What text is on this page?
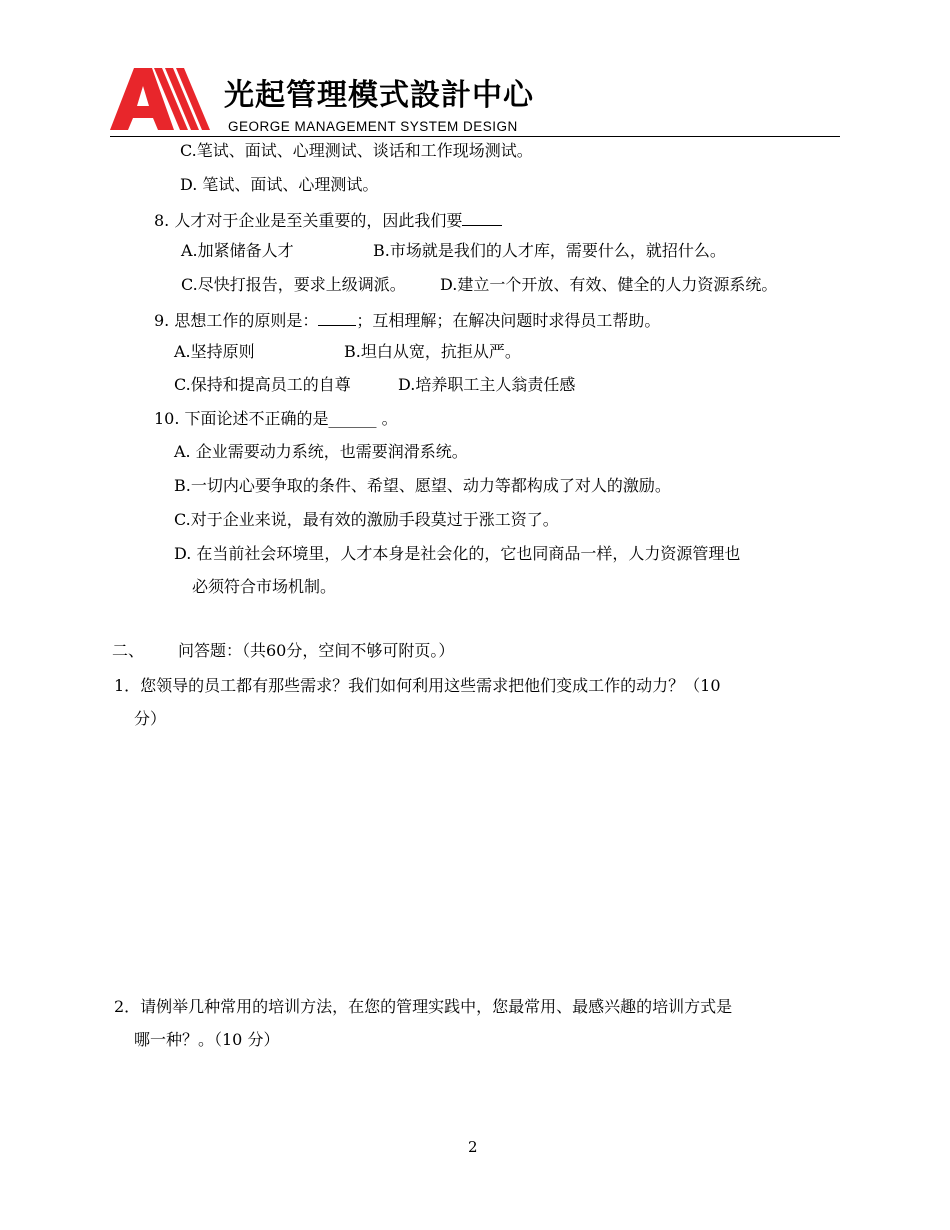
光起管理模式設計中心
GEORGE MANAGEMENT SYSTEM DESIGN
C.笔试、面试、心理测试、谈话和工作现场测试。
D. 笔试、面试、心理测试。
8. 人才对于企业是至关重要的，因此我们要
A.加紧储备人才	B.市场就是我们的人才库，需要什么，就招什么。
C.尽快打报告，要求上级调派。 D.建立一个开放、有效、健全的人力资源系统。
9. 思想工作的原则是： ；互相理解；在解决问题时求得员工帮助。
A.坚持原则	B.坦白从宽，抗拒从严。
C.保持和提高员工的自尊	D.培养职工主人翁责任感
10. 下面论述不正确的是______ 。
A. 企业需要动力系统，也需要润滑系统。
B.一切内心要争取的条件、希望、愿望、动力等都构成了对人的激励。
C.对于企业来说，最有效的激励手段莫过于涨工资了。
D. 在当前社会环境里，人才本身是社会化的，它也同商品一样，人力资源管理也
必须符合市场机制。
二、 问答题：（共60分，空间不够可附页。）
1．您领导的员工都有那些需求？我们如何利用这些需求把他们变成工作的动力？（10
分）
2．请例举几种常用的培训方法，在您的管理实践中，您最常用、最感兴趣的培训方式是
哪一种？。（10 分）
2
